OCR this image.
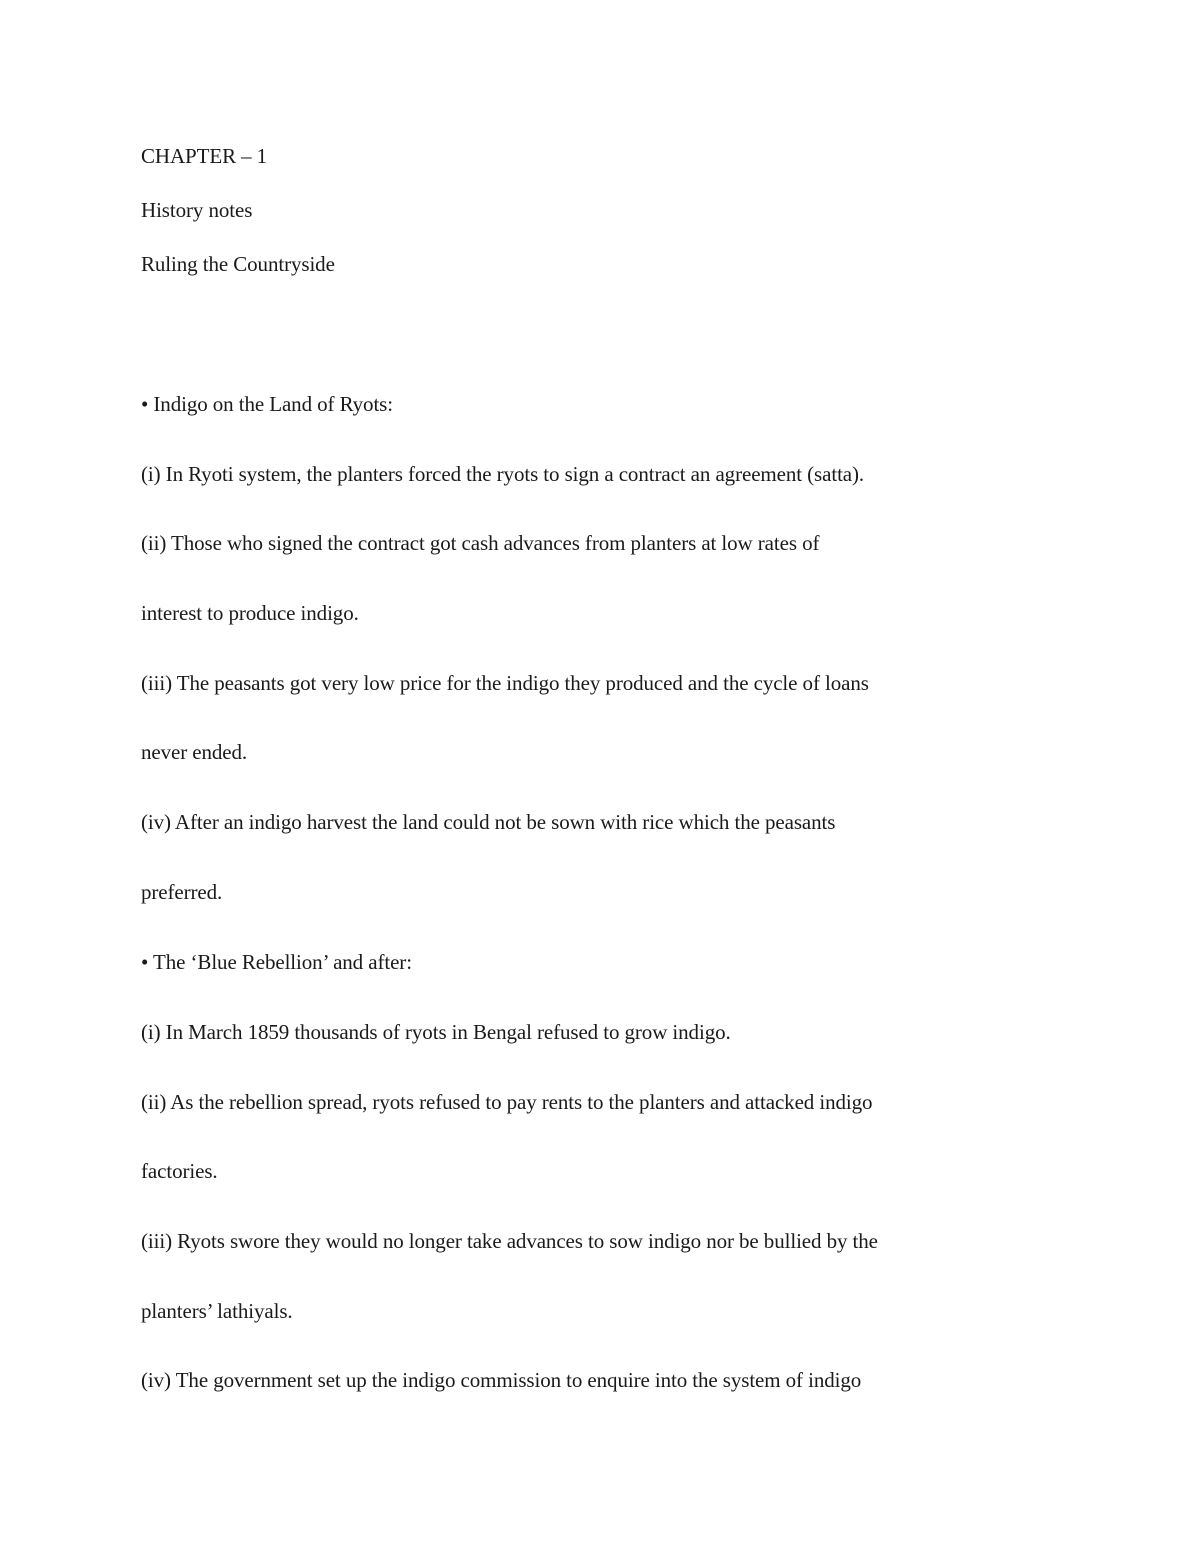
CHAPTER – 1
History notes
Ruling the Countryside
• Indigo on the Land of Ryots:
(i) In Ryoti system, the planters forced the ryots to sign a contract an agreement (satta).
(ii) Those who signed the contract got cash advances from planters at low rates of
interest to produce indigo.
(iii) The peasants got very low price for the indigo they produced and the cycle of loans
never ended.
(iv) After an indigo harvest the land could not be sown with rice which the peasants
preferred.
• The ‘Blue Rebellion’ and after:
(i) In March 1859 thousands of ryots in Bengal refused to grow indigo.
(ii) As the rebellion spread, ryots refused to pay rents to the planters and attacked indigo
factories.
(iii) Ryots swore they would no longer take advances to sow indigo nor be bullied by the
planters’ lathiyals.
(iv) The government set up the indigo commission to enquire into the system of indigo
